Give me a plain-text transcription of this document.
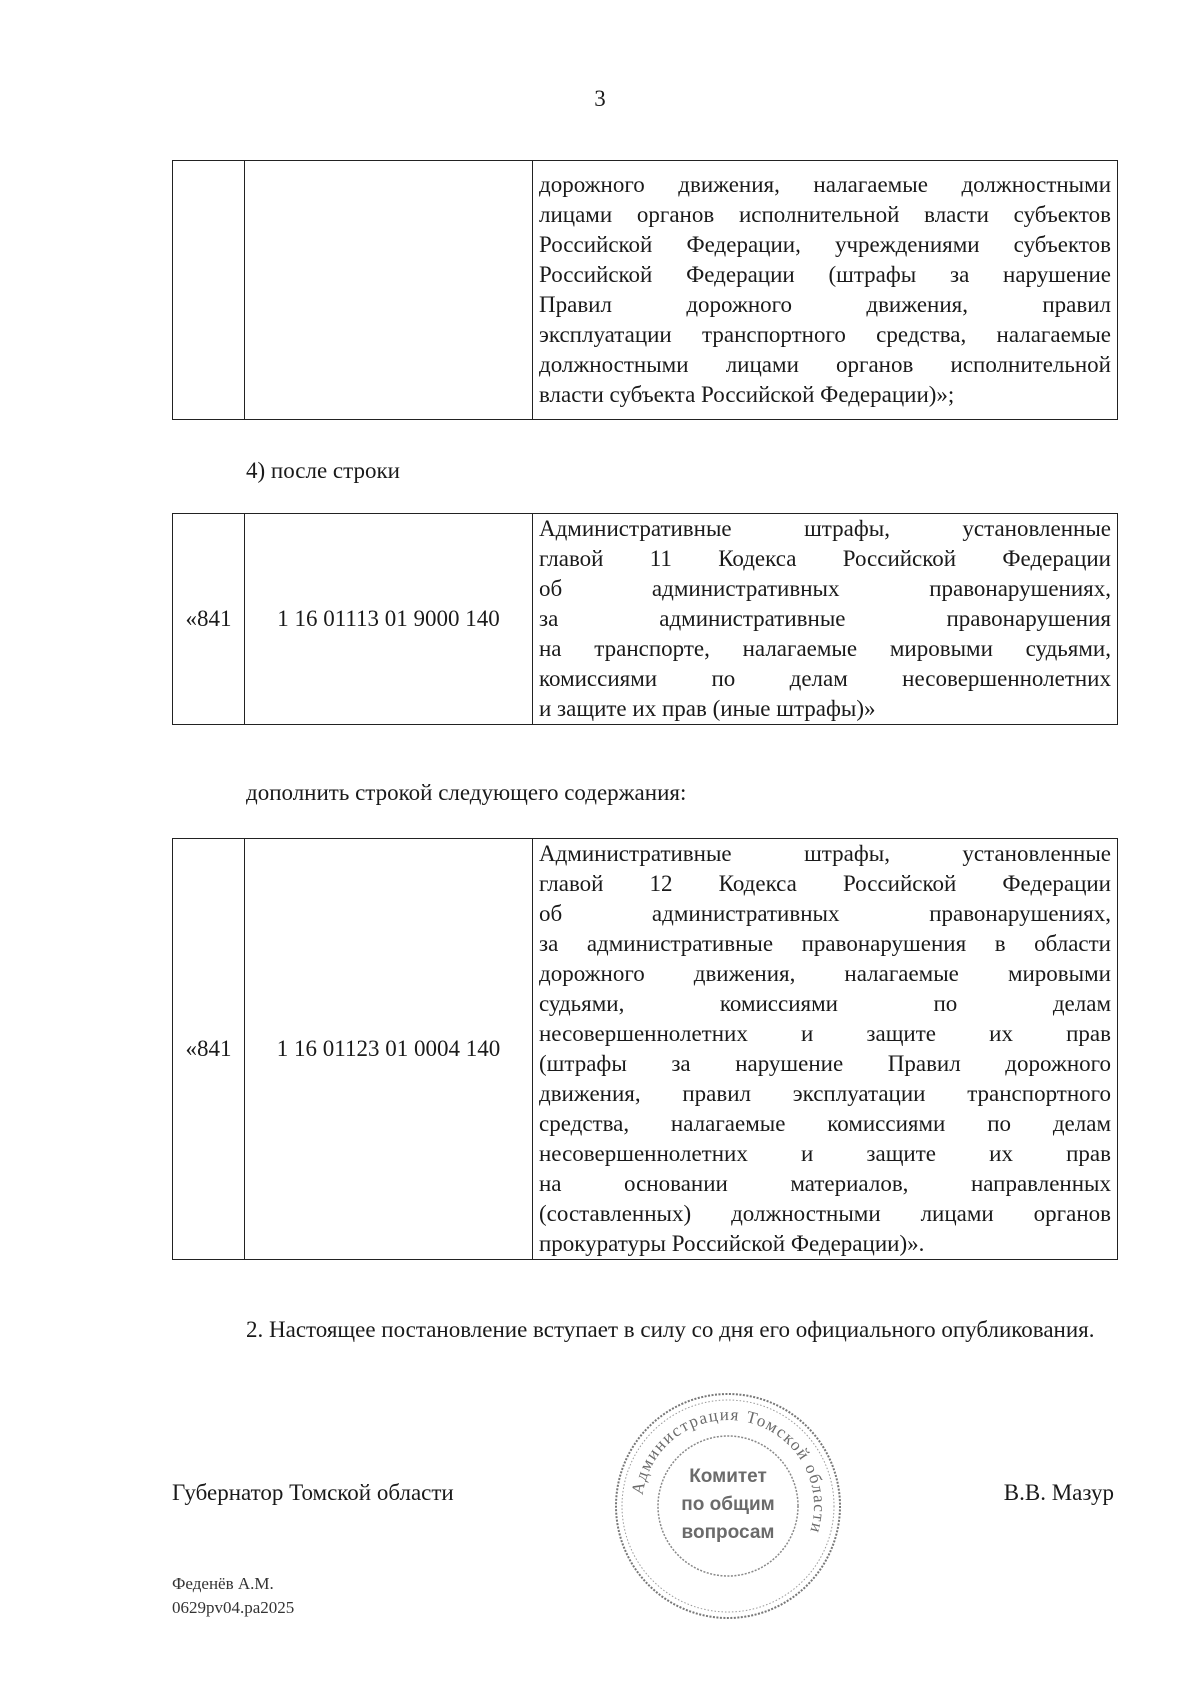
3

дорожного движения, налагаемые должностными
лицами органов исполнительной власти субъектов
Российской Федерации, учреждениями субъектов
Российской Федерации (штрафы за нарушение
Правил дорожного движения, правил
эксплуатации транспортного средства, налагаемые
должностными лицами органов исполнительной
власти субъекта Российской Федерации)»;
4) после строки
«841	1 16 01113 01 9000 140	
Административные штрафы, установленные
главой 11 Кодекса Российской Федерации
об административных правонарушениях,
за административные правонарушения
на транспорте, налагаемые мировыми судьями,
комиссиями по делам несовершеннолетних
и защите их прав (иные штрафы)»
дополнить строкой следующего содержания:
«841	1 16 01123 01 0004 140	
Административные штрафы, установленные
главой 12 Кодекса Российской Федерации
об административных правонарушениях,
за административные правонарушения в области
дорожного движения, налагаемые мировыми
судьями, комиссиями по делам
несовершеннолетних и защите их прав
(штрафы за нарушение Правил дорожного
движения, правил эксплуатации транспортного
средства, налагаемые комиссиями по делам
несовершеннолетних и защите их прав
на основании материалов, направленных
(составленных) должностными лицами органов
прокуратуры Российской Федерации)».
2. Настоящее постановление вступает в силу со дня его официального опубликования.
Администрация Томской области
Комитет
по общим
вопросам
Губернатор Томской области	В.В. Мазур
Феденёв А.М.
0629pv04.pa2025
